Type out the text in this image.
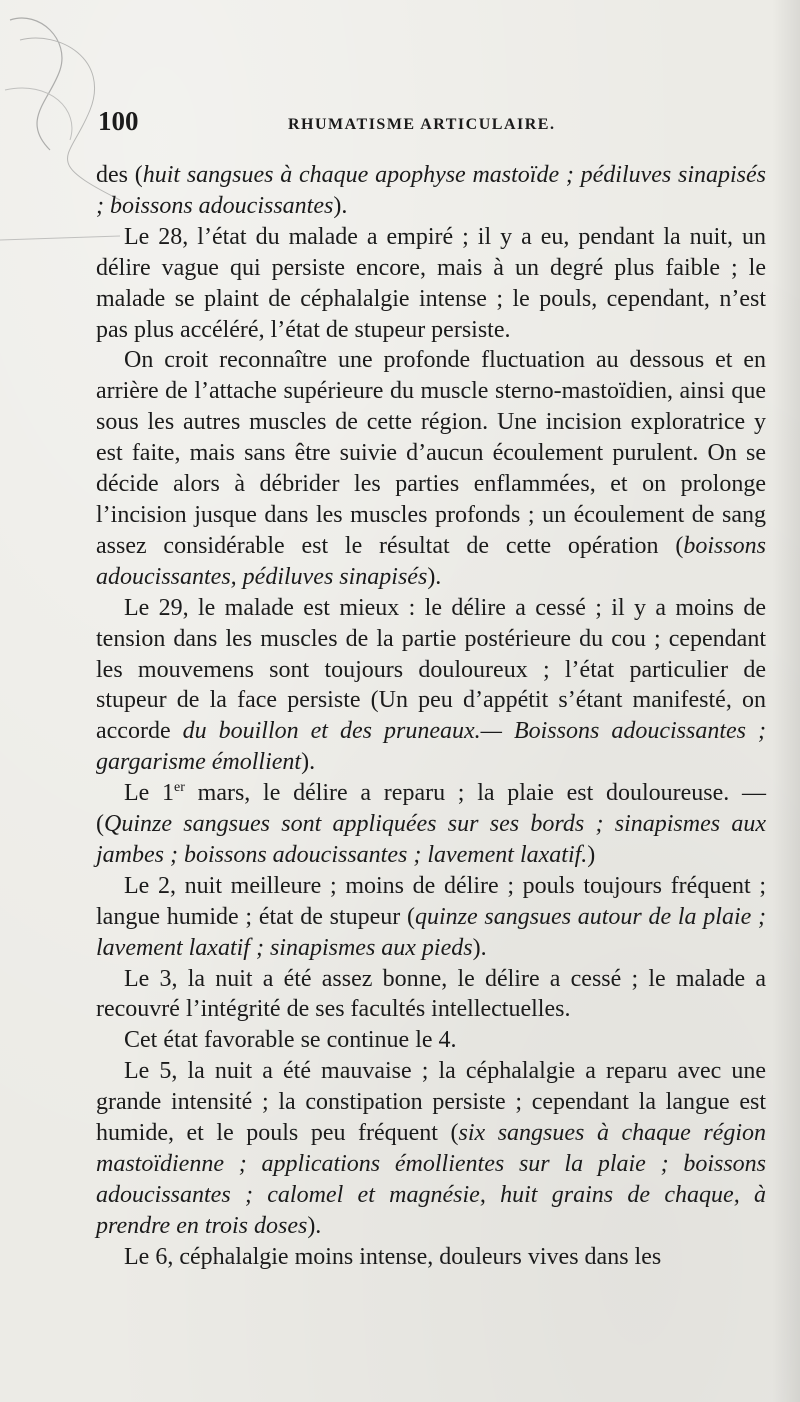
100	RHUMATISME ARTICULAIRE.

des (huit sangsues à chaque apophyse mastoïde ; pédiluves sinapisés ; boissons adoucissantes).

Le 28, l’état du malade a empiré ; il y a eu, pendant la nuit, un délire vague qui persiste encore, mais à un degré plus faible ; le malade se plaint de céphalalgie intense ; le pouls, cependant, n’est pas plus accéléré, l’état de stupeur persiste.

On croit reconnaître une profonde fluctuation au dessous et en arrière de l’attache supérieure du muscle sterno-mastoïdien, ainsi que sous les autres muscles de cette région. Une incision exploratrice y est faite, mais sans être suivie d’aucun écoulement purulent. On se décide alors à débrider les parties enflammées, et on prolonge l’incision jusque dans les muscles profonds ; un écoulement de sang assez considérable est le résultat de cette opération (boissons adoucissantes, pédiluves sinapisés).

Le 29, le malade est mieux : le délire a cessé ; il y a moins de tension dans les muscles de la partie postérieure du cou ; cependant les mouvemens sont toujours douloureux ; l’état particulier de stupeur de la face persiste (Un peu d’appétit s’étant manifesté, on accorde du bouillon et des pruneaux.— Boissons adoucissantes ; gargarisme émollient).

Le 1er mars, le délire a reparu ; la plaie est douloureuse. — (Quinze sangsues sont appliquées sur ses bords ; sinapismes aux jambes ; boissons adoucissantes ; lavement laxatif.)

Le 2, nuit meilleure ; moins de délire ; pouls toujours fréquent ; langue humide ; état de stupeur (quinze sangsues autour de la plaie ; lavement laxatif ; sinapismes aux pieds).

Le 3, la nuit a été assez bonne, le délire a cessé ; le malade a recouvré l’intégrité de ses facultés intellectuelles.

Cet état favorable se continue le 4.

Le 5, la nuit a été mauvaise ; la céphalalgie a reparu avec une grande intensité ; la constipation persiste ; cependant la langue est humide, et le pouls peu fréquent (six sangsues à chaque région mastoïdienne ; applications émollientes sur la plaie ; boissons adoucissantes ; calomel et magnésie, huit grains de chaque, à prendre en trois doses).

Le 6, céphalalgie moins intense, douleurs vives dans les
